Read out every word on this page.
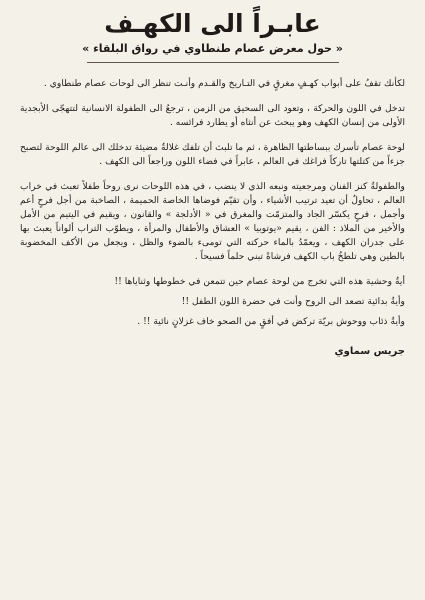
عابـراً الى الكهـف
« حول معرض عصام طنطاوي في رواق البلقاء »

لكأنك تقفُ على أبواب كهـفٍ مغرقٍ في التـاريخ والقـدم وأنـت تنظر الى لوحات عصام طنطاوي .

تدخل في اللون والحركة ، وتعود الى السحيق من الزمن ، ترجعُ الى الطفولة الانسانية لتتهجّى الأبجدية الأولى من إنسان الكهف وهو يبحث عن أنثاه أو يطارد فرائسه .

لوحة عصام تأسرك ببساطتها الظاهرة ، ثم ما تلبث أن تلفك غلالةٌ مضيئة تدخلك الى عالم اللوحة لتصبح جزءاً من كتلتها تاركاً فراغك في العالم ، عابراً في فضاء اللون وراجعاً الى الكهف .

والطفولةُ كنز الفنان ومرجعيته ونبعه الذي لا ينضب ، في هذه اللوحات نرى روحاً طفلاً تعبث في خراب العالم ، تحاولُ أن تعيد ترتيب الأشياء ، وأن تقيّم فوضاها الخاصة الحميمة ، الصاخبة من أجل فرحٍ أعم وأجمل ، فرحٍ يكسّر الجاد والمتزمّت والمغرق في « الأدلجة » والقانون ، ويقيم في اليتيم من الأمل والأخير من الملاذ : الفن ، يقيم «يوتوبيا » العشاق والأطفال والمرأة ، ويطوّب التراب ألواناً يعبث بها على جدران الكهف ، ويعمّدُ بالماء حركته التي تومىء بالضوء والظل ، ويجعل من الأكف المخضوبة بالطين وهي تلطخُ باب الكهف فرشاةً تبني حلماً فسيحاً .

أيةُ وحشية هذه التي تخرج من لوحة عصام حين تتمعن في خطوطها وثناياها !!

وأيةُ بدائية تصعد الى الروح وأنت في حضرة اللون الطفل !!

وأيةُ ذئاب ووحوش بريّة تركض في أفقٍ من الصحو خاف غزلانٍ نائية !! .

جريس سماوي
